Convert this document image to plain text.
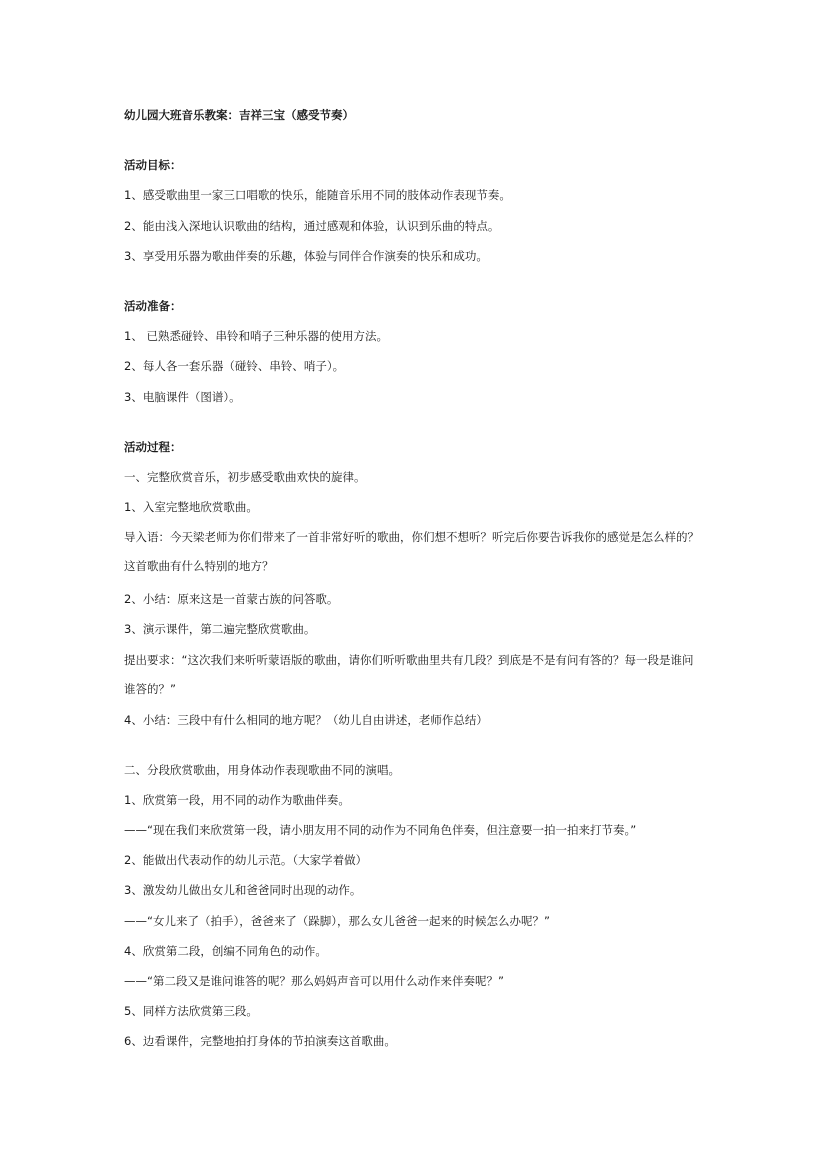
幼儿园大班音乐教案：吉祥三宝（感受节奏）
活动目标：
1、感受歌曲里一家三口唱歌的快乐，能随音乐用不同的肢体动作表现节奏。
2、能由浅入深地认识歌曲的结构，通过感观和体验，认识到乐曲的特点。
3、享受用乐器为歌曲伴奏的乐趣，体验与同伴合作演奏的快乐和成功。
活动准备：
1、 已熟悉碰铃、串铃和哨子三种乐器的使用方法。
2、每人各一套乐器（碰铃、串铃、哨子）。
3、电脑课件（图谱）。
活动过程：
一、完整欣赏音乐，初步感受歌曲欢快的旋律。
1、入室完整地欣赏歌曲。
导入语：今天梁老师为你们带来了一首非常好听的歌曲，你们想不想听？听完后你要告诉我你的感觉是怎么样的？这首歌曲有什么特别的地方？
2、小结：原来这是一首蒙古族的问答歌。
3、演示课件，第二遍完整欣赏歌曲。
提出要求：“这次我们来听听蒙语版的歌曲，请你们听听歌曲里共有几段？到底是不是有问有答的？每一段是谁问谁答的？”
4、小结：三段中有什么相同的地方呢？（幼儿自由讲述，老师作总结）
二、分段欣赏歌曲，用身体动作表现歌曲不同的演唱。
1、欣赏第一段，用不同的动作为歌曲伴奏。
——“现在我们来欣赏第一段，请小朋友用不同的动作为不同角色伴奏，但注意要一拍一拍来打节奏。”
2、能做出代表动作的幼儿示范。（大家学着做）
3、激发幼儿做出女儿和爸爸同时出现的动作。
——“女儿来了（拍手），爸爸来了（跺脚），那么女儿爸爸一起来的时候怎么办呢？”
4、欣赏第二段，创编不同角色的动作。
——“第二段又是谁问谁答的呢？那么妈妈声音可以用什么动作来伴奏呢？”
5、同样方法欣赏第三段。
6、边看课件，完整地拍打身体的节拍演奏这首歌曲。
